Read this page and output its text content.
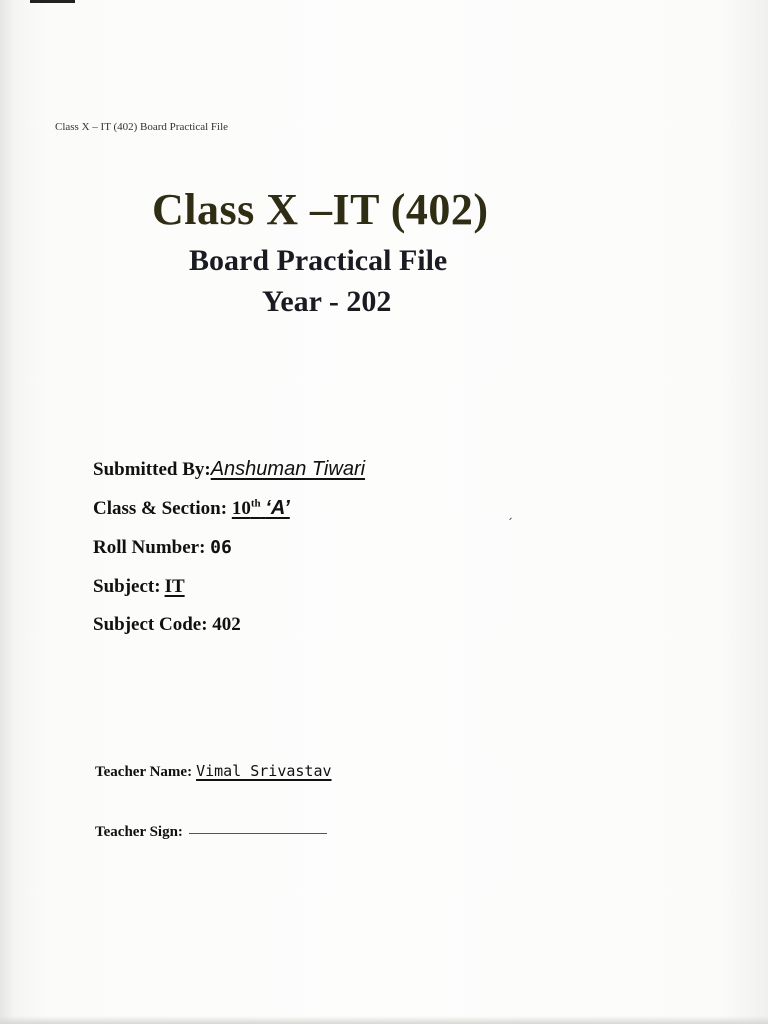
Class X – IT (402) Board Practical File
Class X –IT (402)
Board Practical File
Year - 202
Submitted By:Anshuman Tiwari
Class & Section: 10th ‘A’	ˏ
Roll Number: 06
Subject: IT
Subject Code: 402
Teacher Name: Vimal Srivastav
Teacher Sign:
